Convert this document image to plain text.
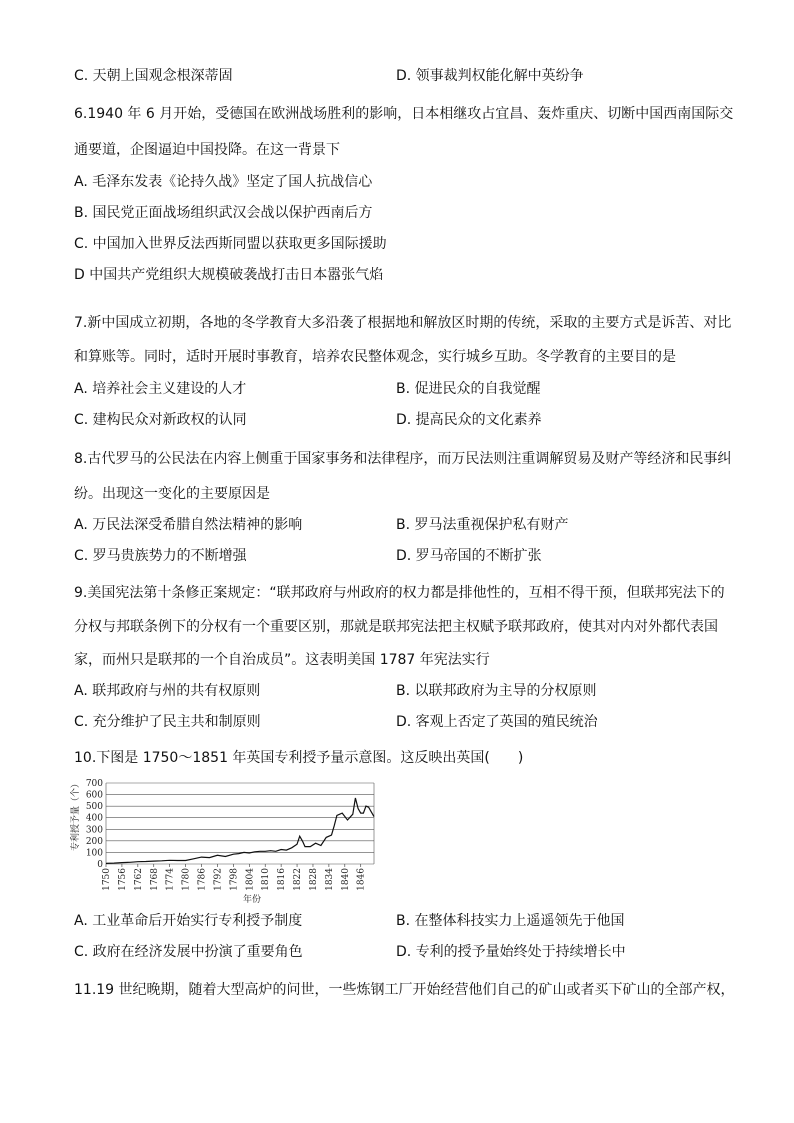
C. 天朝上国观念根深蒂固	D. 领事裁判权能化解中英纷争
6.1940 年 6 月开始，受德国在欧洲战场胜利的影响，日本相继攻占宜昌、轰炸重庆、切断中国西南国际交
通要道，企图逼迫中国投降。在这一背景下
A. 毛泽东发表《论持久战》坚定了国人抗战信心
B. 国民党正面战场组织武汉会战以保护西南后方
C. 中国加入世界反法西斯同盟以获取更多国际援助
D 中国共产党组织大规模破袭战打击日本嚣张气焰
7.新中国成立初期，各地的冬学教育大多沿袭了根据地和解放区时期的传统，采取的主要方式是诉苦、对比
和算账等。同时，适时开展时事教育，培养农民整体观念，实行城乡互助。冬学教育的主要目的是
A. 培养社会主义建设的人才	B. 促进民众的自我觉醒
C. 建构民众对新政权的认同	D. 提高民众的文化素养
8.古代罗马的公民法在内容上侧重于国家事务和法律程序，而万民法则注重调解贸易及财产等经济和民事纠
纷。出现这一变化的主要原因是
A. 万民法深受希腊自然法精神的影响	B. 罗马法重视保护私有财产
C. 罗马贵族势力的不断增强	D. 罗马帝国的不断扩张
9.美国宪法第十条修正案规定：“联邦政府与州政府的权力都是排他性的，互相不得干预，但联邦宪法下的
分权与邦联条例下的分权有一个重要区别，那就是联邦宪法把主权赋予联邦政府，使其对内对外都代表国
家，而州只是联邦的一个自治成员”。这表明美国 1787 年宪法实行
A. 联邦政府与州的共有权原则	B. 以联邦政府为主导的分权原则
C. 充分维护了民主共和制原则	D. 客观上否定了英国的殖民统治
10.下图是 1750～1851 年英国专利授予量示意图。这反映出英国(　　)
0
100
200
300
400
500
600
700
1750 1756 1762 1768 1774 1780 1786 1792 1798 1804 1810 1816 1822 1828 1834 1840 1846
专利授予量（个）
年份
A. 工业革命后开始实行专利授予制度	B. 在整体科技实力上遥遥领先于他国
C. 政府在经济发展中扮演了重要角色	D. 专利的授予量始终处于持续增长中
11.19 世纪晚期，随着大型高炉的问世，一些炼钢工厂开始经营他们自己的矿山或者买下矿山的全部产权，
